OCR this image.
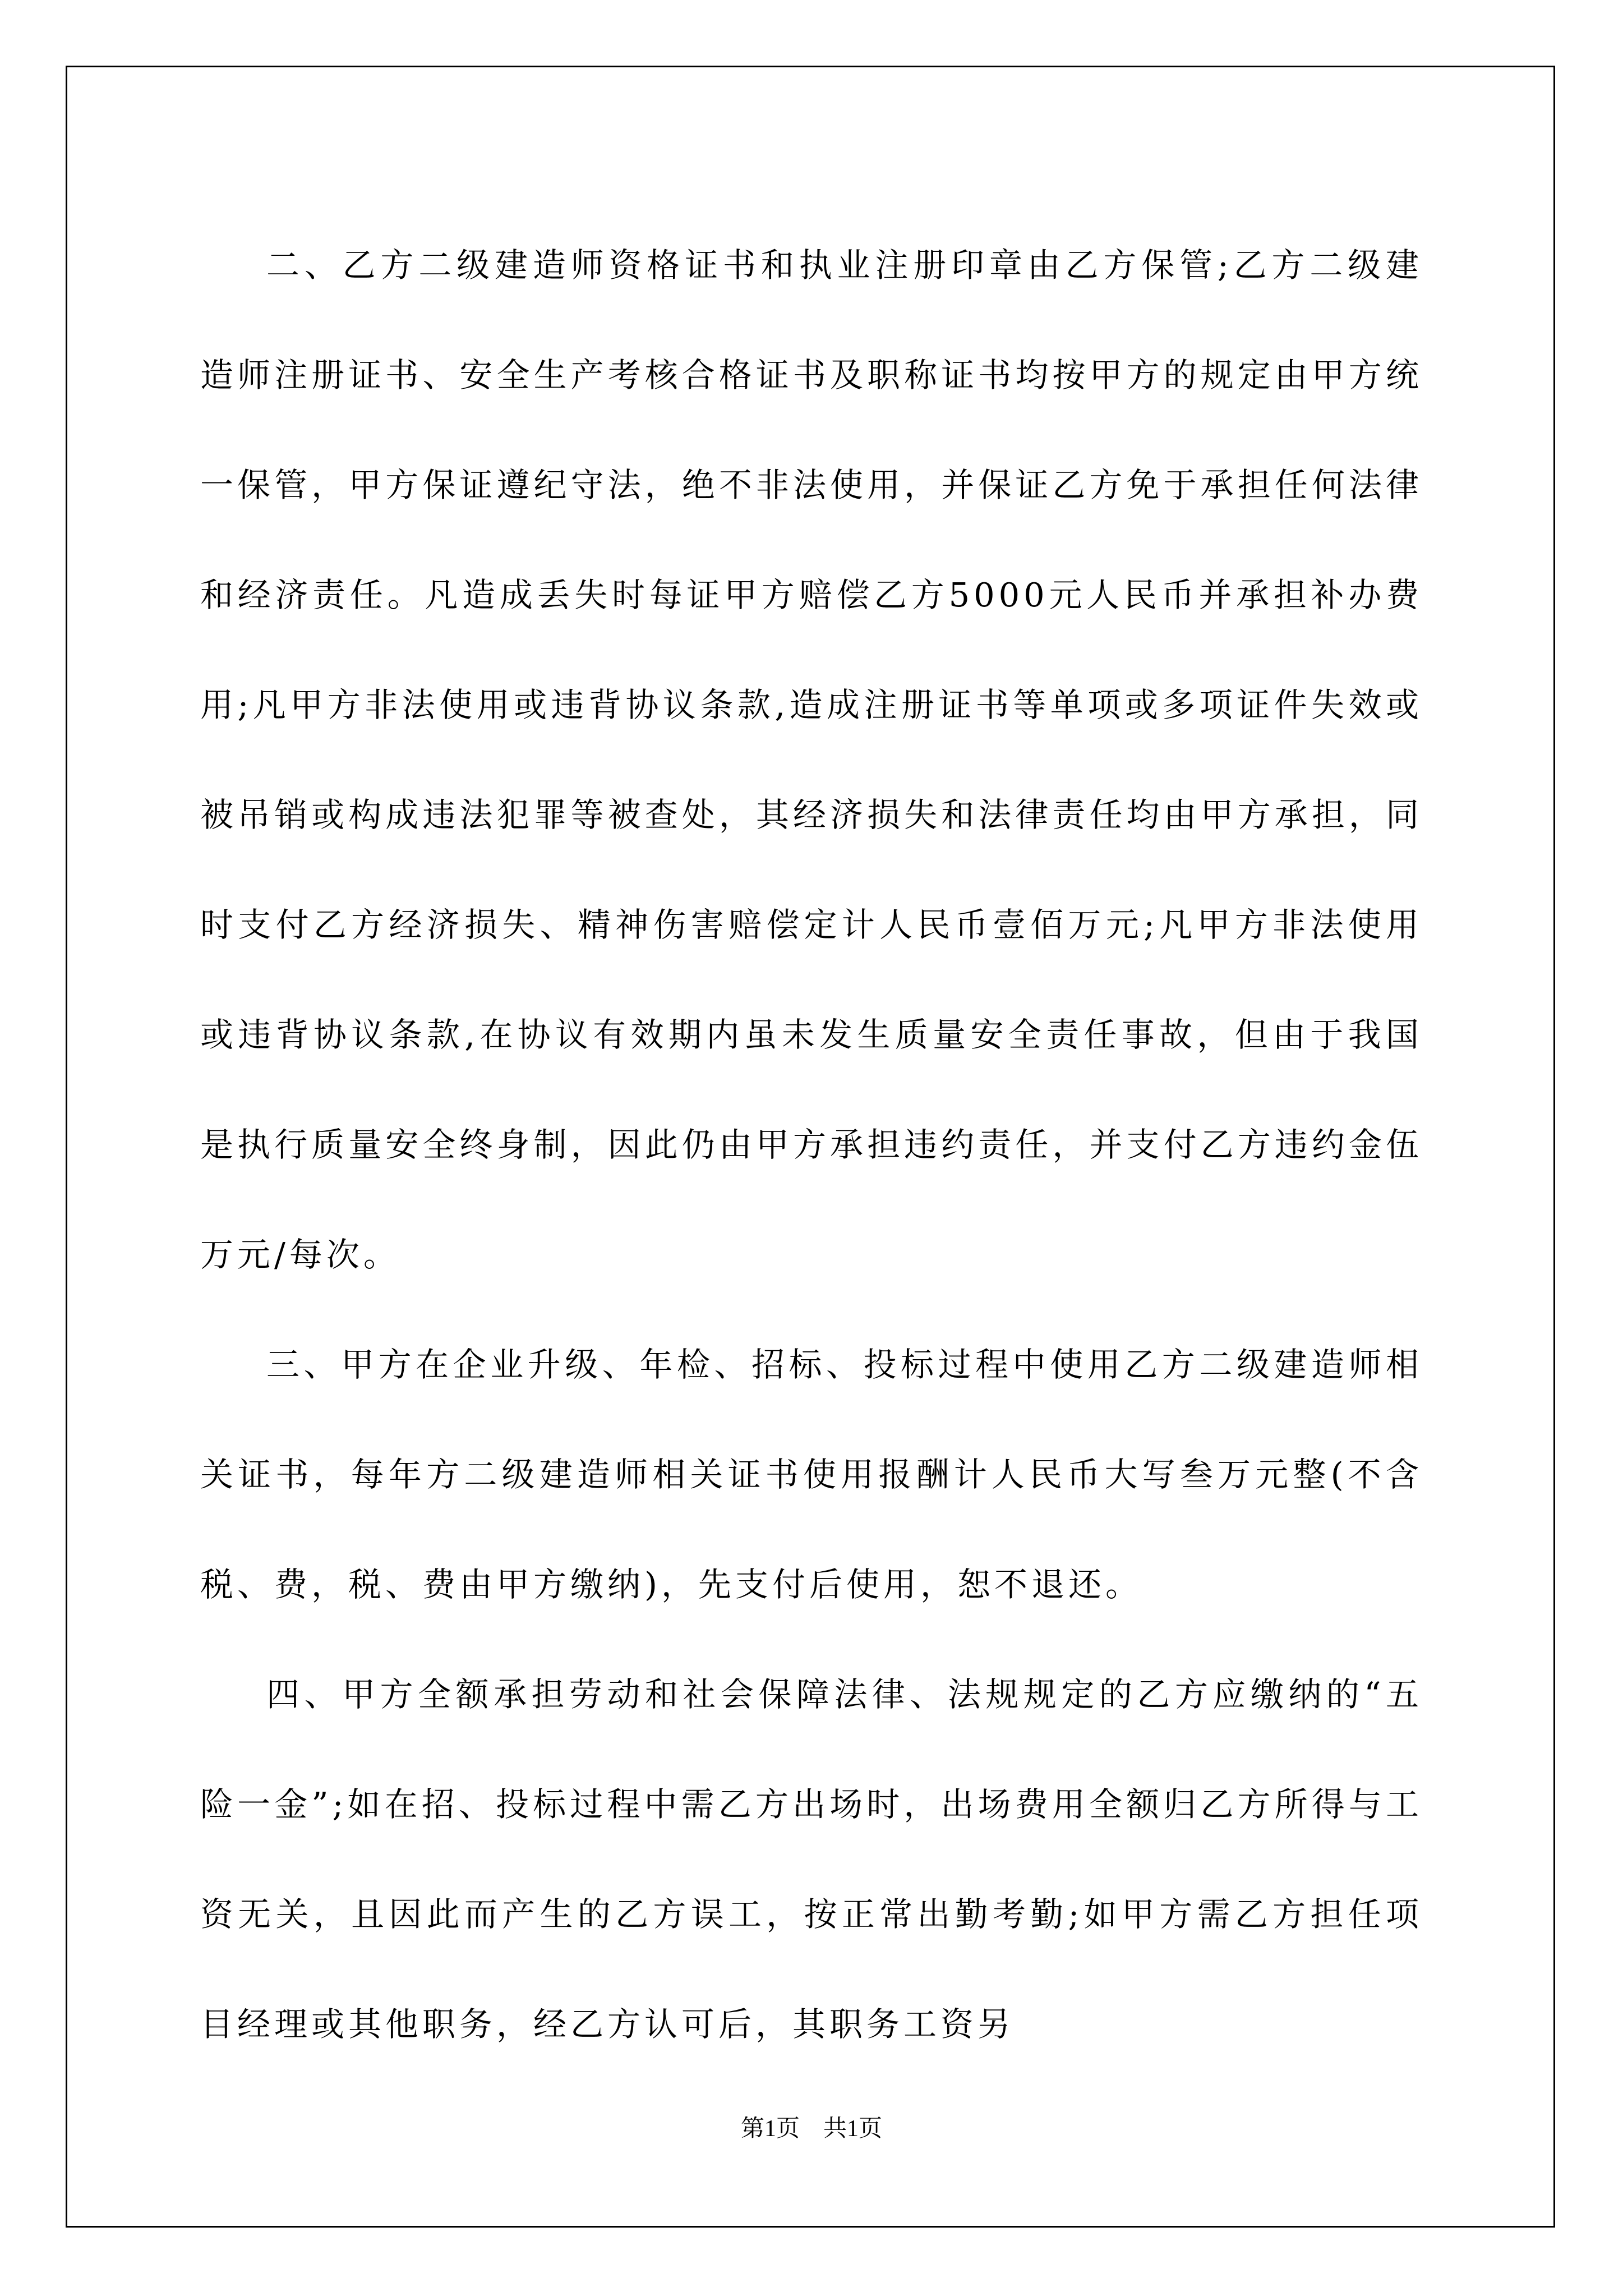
二、乙方二级建造师资格证书和执业注册印章由乙方保管;乙方二级建造师注册证书、安全生产考核合格证书及职称证书均按甲方的规定由甲方统一保管，甲方保证遵纪守法，绝不非法使用，并保证乙方免于承担任何法律和经济责任。凡造成丢失时每证甲方赔偿乙方5000元人民币并承担补办费用;凡甲方非法使用或违背协议条款,造成注册证书等单项或多项证件失效或被吊销或构成违法犯罪等被查处，其经济损失和法律责任均由甲方承担，同时支付乙方经济损失、精神伤害赔偿定计人民币壹佰万元;凡甲方非法使用或违背协议条款,在协议有效期内虽未发生质量安全责任事故，但由于我国是执行质量安全终身制，因此仍由甲方承担违约责任，并支付乙方违约金伍万元/每次。

三、甲方在企业升级、年检、招标、投标过程中使用乙方二级建造师相关证书，每年方二级建造师相关证书使用报酬计人民币大写叁万元整(不含税、费，税、费由甲方缴纳)，先支付后使用，恕不退还。

四、甲方全额承担劳动和社会保障法律、法规规定的乙方应缴纳的“五险一金”;如在招、投标过程中需乙方出场时，出场费用全额归乙方所得与工资无关，且因此而产生的乙方误工，按正常出勤考勤;如甲方需乙方担任项目经理或其他职务，经乙方认可后，其职务工资另

第1页　共1页
